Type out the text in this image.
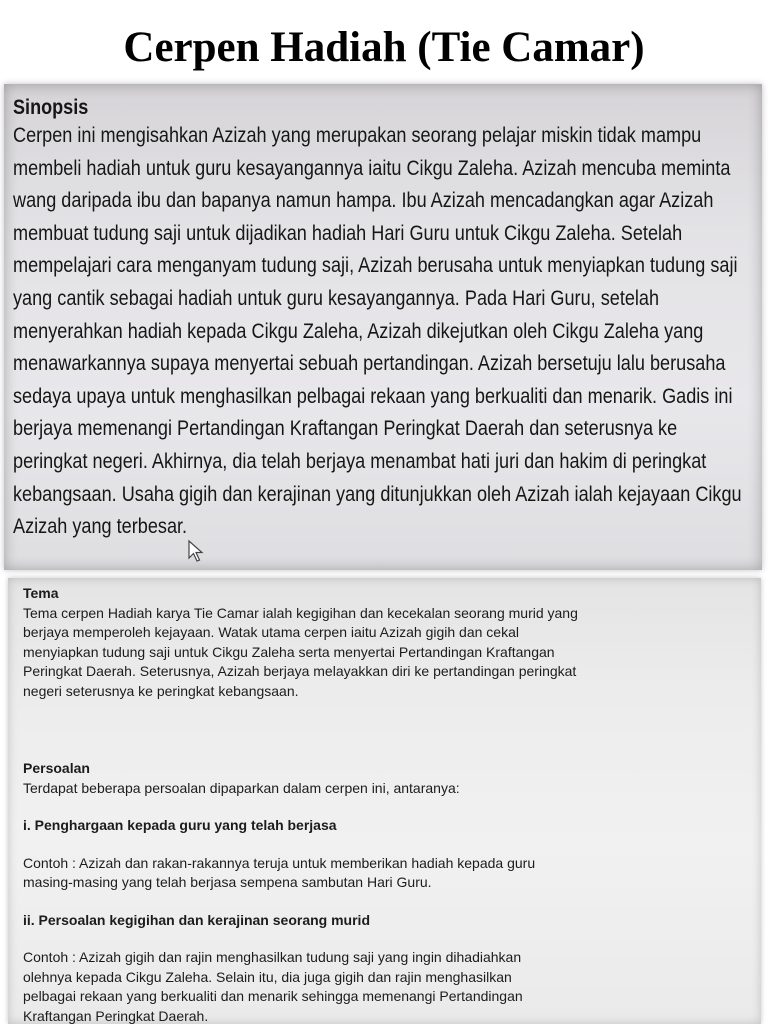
Cerpen Hadiah (Tie Camar)
Sinopsis
Cerpen ini mengisahkan Azizah yang merupakan seorang pelajar miskin tidak mampu
membeli hadiah untuk guru kesayangannya iaitu Cikgu Zaleha. Azizah mencuba meminta
wang daripada ibu dan bapanya namun hampa. Ibu Azizah mencadangkan agar Azizah
membuat tudung saji untuk dijadikan hadiah Hari Guru untuk Cikgu Zaleha. Setelah
mempelajari cara menganyam tudung saji, Azizah berusaha untuk menyiapkan tudung saji
yang cantik sebagai hadiah untuk guru kesayangannya. Pada Hari Guru, setelah
menyerahkan hadiah kepada Cikgu Zaleha, Azizah dikejutkan oleh Cikgu Zaleha yang
menawarkannya supaya menyertai sebuah pertandingan. Azizah bersetuju lalu berusaha
sedaya upaya untuk menghasilkan pelbagai rekaan yang berkualiti dan menarik. Gadis ini
berjaya memenangi Pertandingan Kraftangan Peringkat Daerah dan seterusnya ke
peringkat negeri. Akhirnya, dia telah berjaya menambat hati juri dan hakim di peringkat
kebangsaan. Usaha gigih dan kerajinan yang ditunjukkan oleh Azizah ialah kejayaan Cikgu
Azizah yang terbesar.
Tema
Tema cerpen Hadiah karya Tie Camar ialah kegigihan dan kecekalan seorang murid yang
berjaya memperoleh kejayaan. Watak utama cerpen iaitu Azizah gigih dan cekal
menyiapkan tudung saji untuk Cikgu Zaleha serta menyertai Pertandingan Kraftangan
Peringkat Daerah. Seterusnya, Azizah berjaya melayakkan diri ke pertandingan peringkat
negeri seterusnya ke peringkat kebangsaan.
Persoalan
Terdapat beberapa persoalan dipaparkan dalam cerpen ini, antaranya:
i. Penghargaan kepada guru yang telah berjasa
Contoh : Azizah dan rakan-rakannya teruja untuk memberikan hadiah kepada guru
masing-masing yang telah berjasa sempena sambutan Hari Guru.
ii. Persoalan kegigihan dan kerajinan seorang murid
Contoh : Azizah gigih dan rajin menghasilkan tudung saji yang ingin dihadiahkan
olehnya kepada Cikgu Zaleha. Selain itu, dia juga gigih dan rajin menghasilkan
pelbagai rekaan yang berkualiti dan menarik sehingga memenangi Pertandingan
Kraftangan Peringkat Daerah.
